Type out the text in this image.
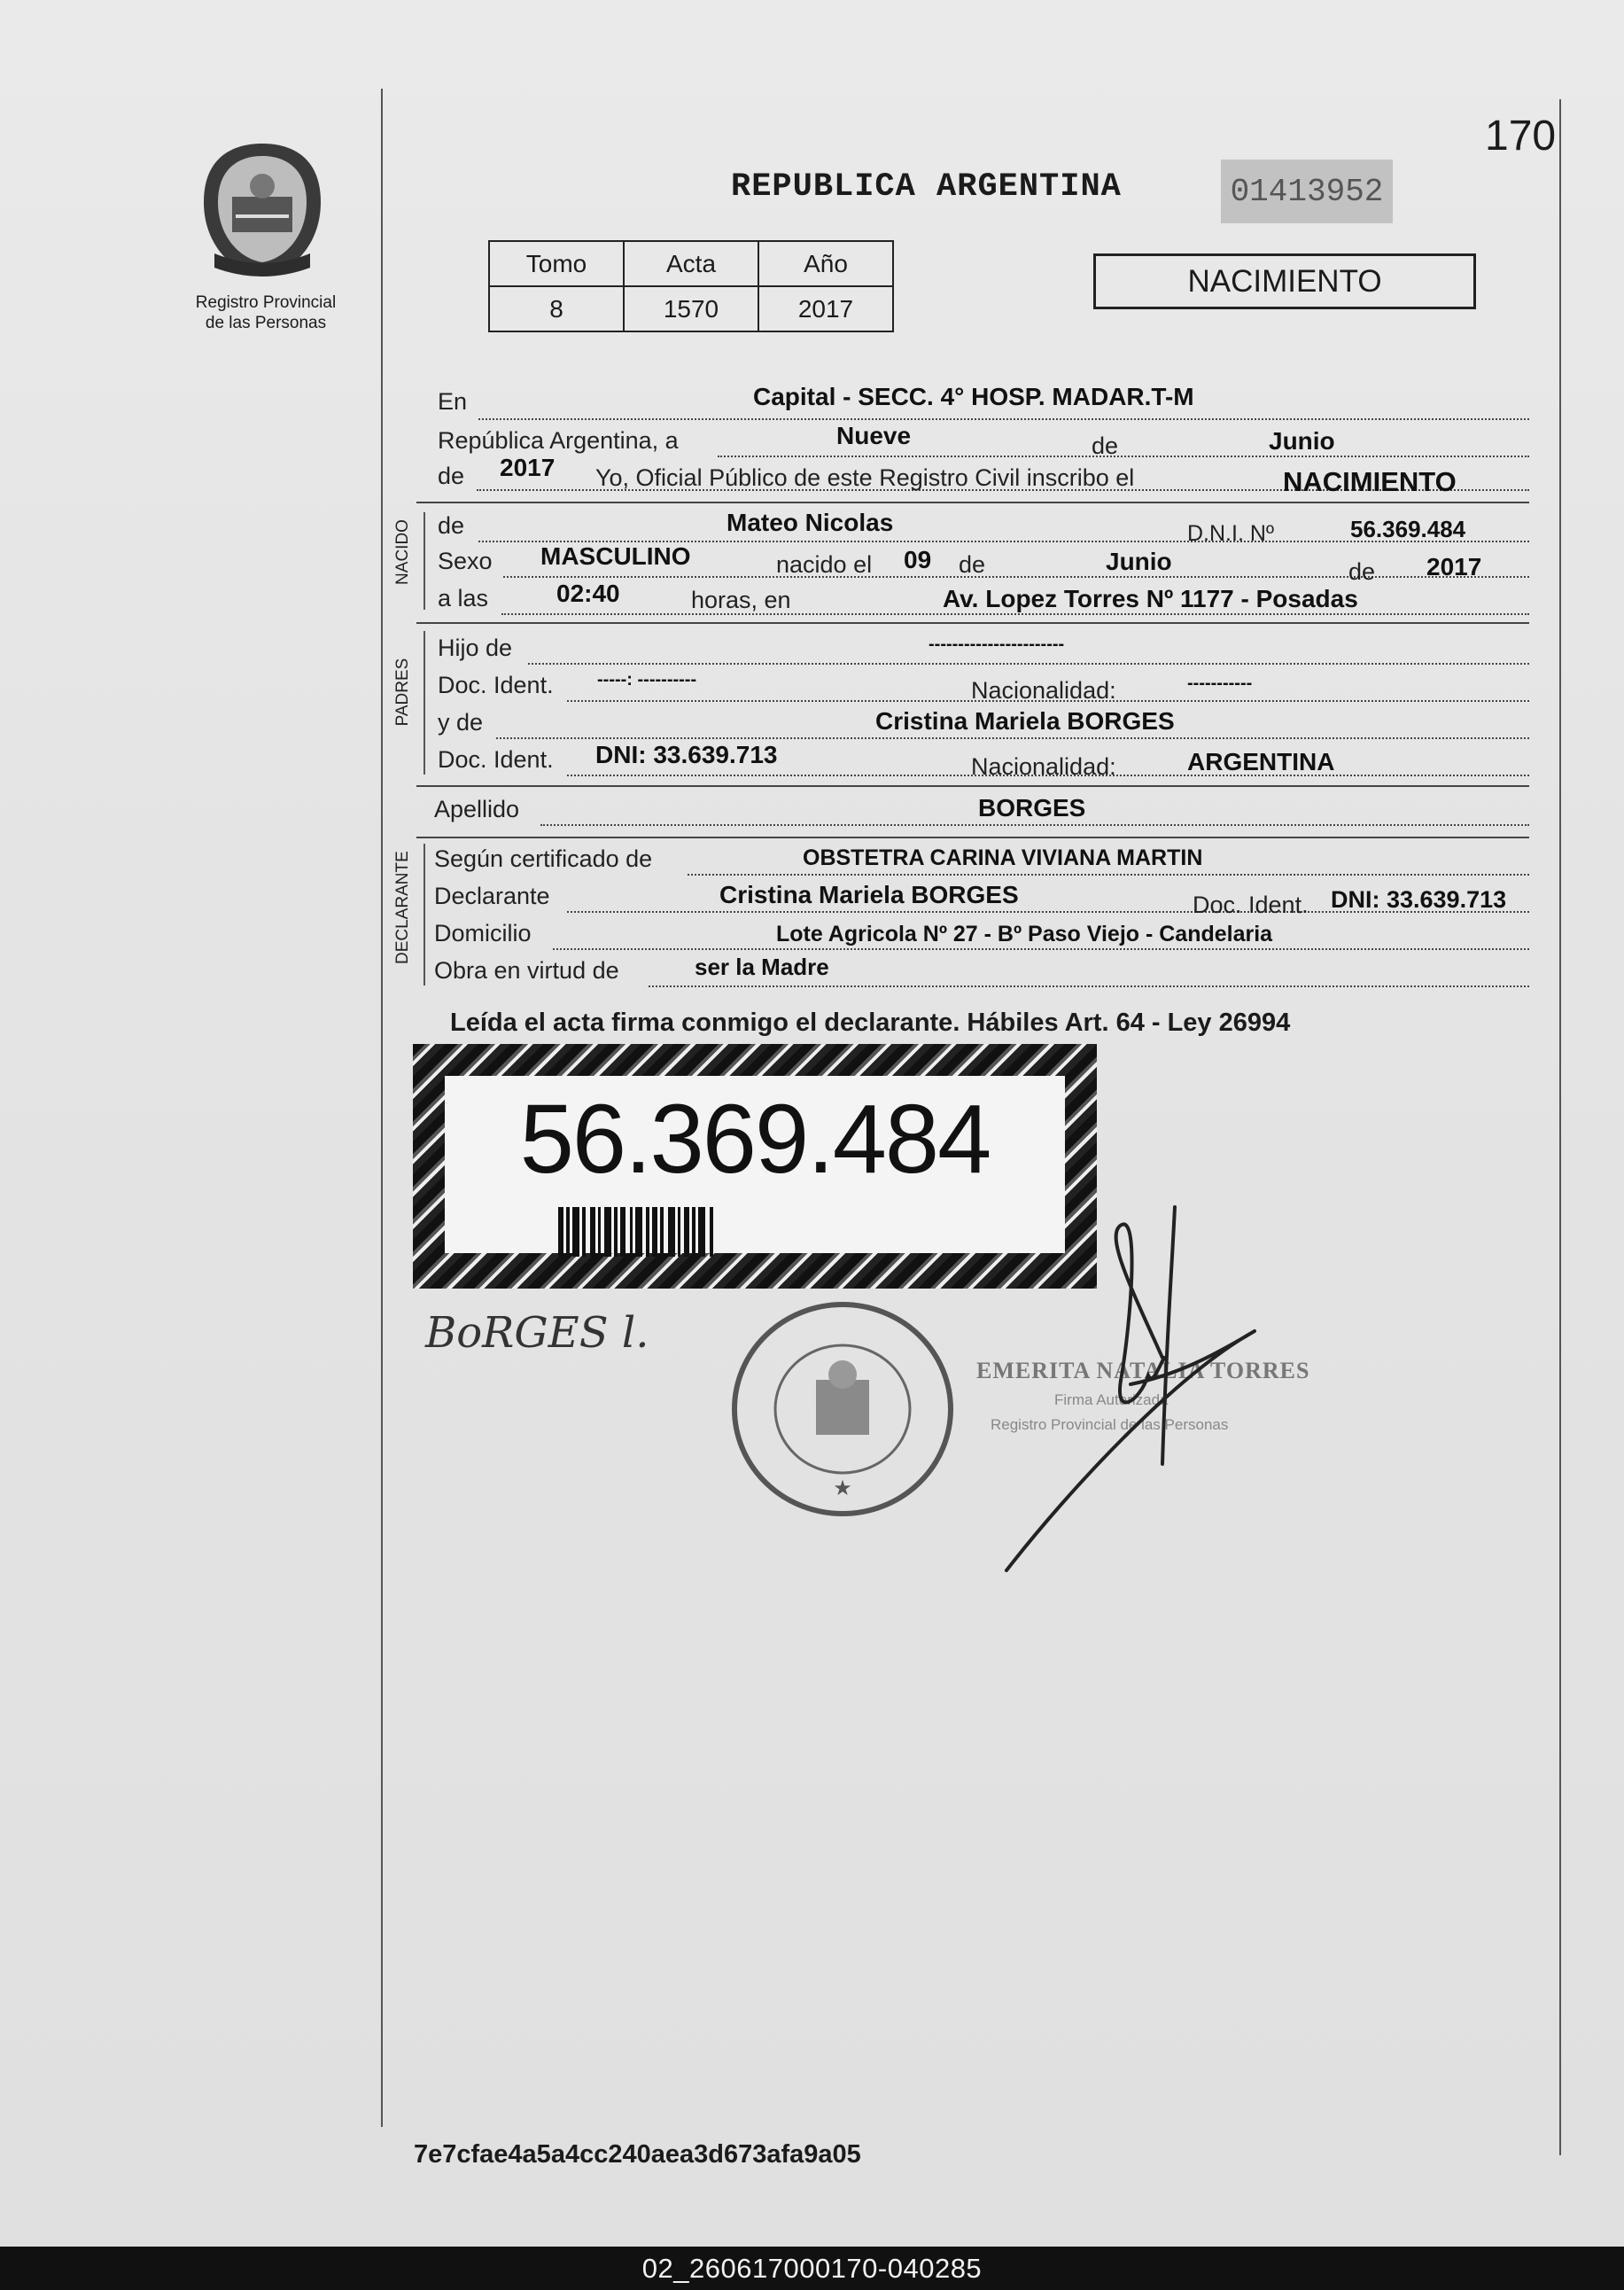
170
Registro Provincial
de las Personas
REPUBLICA ARGENTINA	01413952
Tomo	Acta	Año
8	1570	2017
NACIMIENTO
En	Capital - SECC. 4° HOSP. MADAR.T-M
República Argentina, a	Nueve	de	Junio
de 2017 Yo, Oficial Público de este Registro Civil inscribo el	NACIMIENTO
NACIDO de	Mateo Nicolas	D.N.I. Nº	56.369.484
Sexo MASCULINO	nacido el 09 de	Junio	de 2017
a las	02:40	horas, en	Av. Lopez Torres Nº 1177 - Posadas
PADRES
Hijo de	-----------------------
Doc. Ident. -----: ----------	Nacionalidad:	-----------
y de	Cristina Mariela BORGES
Doc. Ident. DNI: 33.639.713	Nacionalidad:	ARGENTINA
Apellido	BORGES
DECLARANTE Según certificado de	OBSTETRA CARINA VIVIANA MARTIN
Declarante	Cristina Mariela BORGES	Doc. Ident. DNI: 33.639.713
Domicilio	Lote Agricola Nº 27 - Bº Paso Viejo - Candelaria
Obra en virtud de	ser la Madre
Leída el acta firma conmigo el declarante. Hábiles Art. 64 - Ley 26994
56.369.484
BoRGES l.
★
EMERITA NATALIA TORRES
Firma Autorizada
Registro Provincial de las Personas
7e7cfae4a5a4cc240aea3d673afa9a05
02_260617000170-040285
